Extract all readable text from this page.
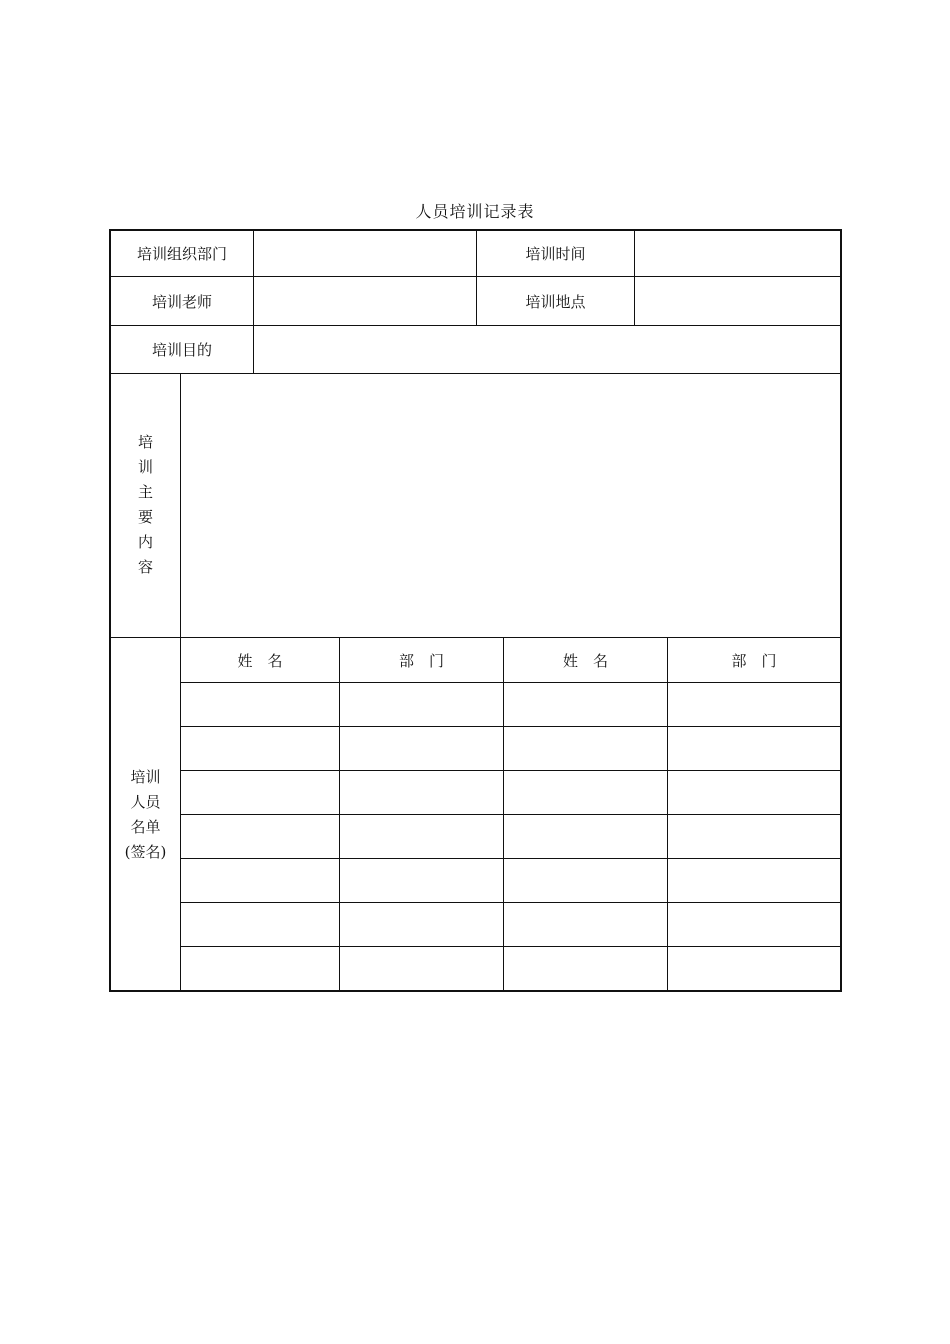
人员培训记录表
培训组织部门	培训时间
培训老师	培训地点
培训目的
培
训
主
要
内
容
培训
人员
名单
(签名)
姓　名	部　门	姓　名	部　门
